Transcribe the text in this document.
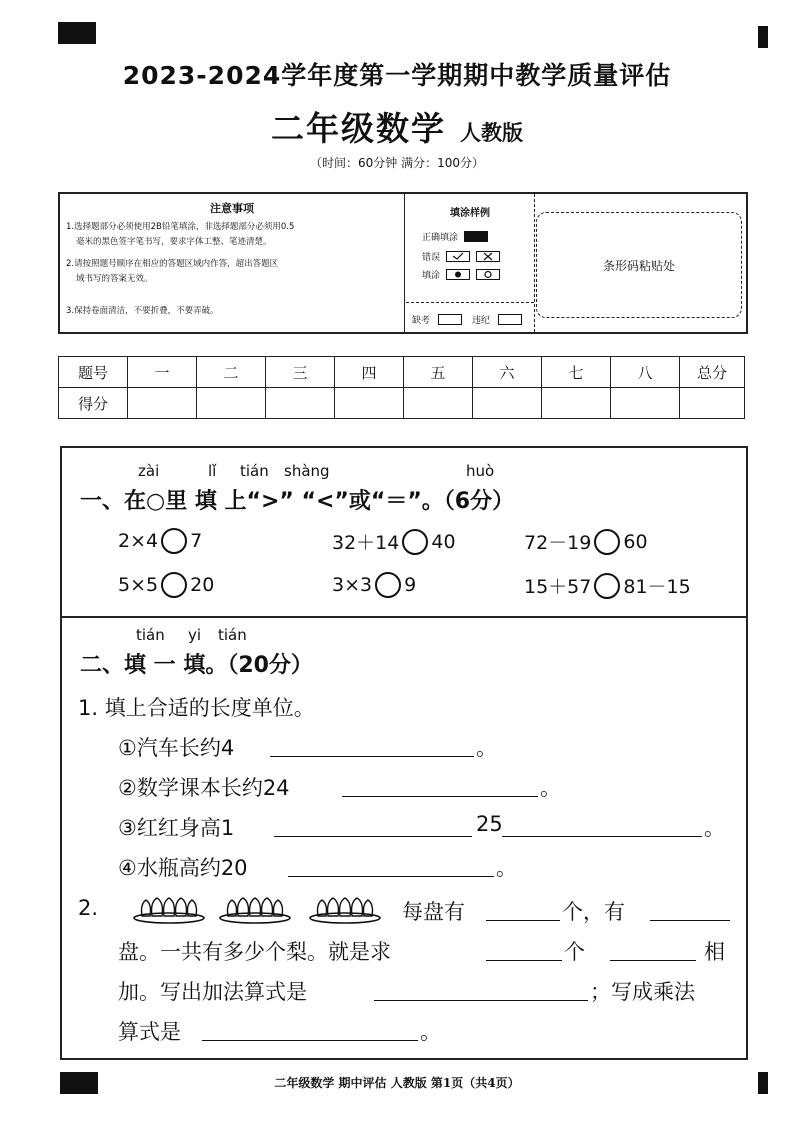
2023-2024学年度第一学期期中教学质量评估
二年级数学 人教版
（时间：60分钟 满分：100分）
注意事项
1.选择题部分必须使用2B铅笔填涂，非选择题部分必须用0.5
毫米的黑色签字笔书写，要求字体工整、笔迹清楚。
2.请按照题号顺序在相应的答题区域内作答，超出答题区
域书写的答案无效。
3.保持卷面清洁，不要折叠，不要弄破。
填涂样例
正确填涂
错误
填涂
缺考	违纪
条形码粘贴处
题号	一	二	三	四	五	六	七	八	总分
得分									
zài	lǐ tián shàng	huò
一、在○里 填 上“>” “<”或“＝”。（6分）
2×4 7	32＋14 40	72－19 60
5×5 20	3×3 9	15＋57 81－15
tián yi tián
二、填 一 填。（20分）
1. 填上合适的长度单位。
①汽车长约4	。
②数学课本长约24	。
③红红身高1	25	。
④水瓶高约20	。
2.	每盘有	个，有
盘。一共有多少个梨。就是求	个	相
加。写出加法算式是	；写成乘法
算式是	。
二年级数学 期中评估 人教版 第1页（共4页）
